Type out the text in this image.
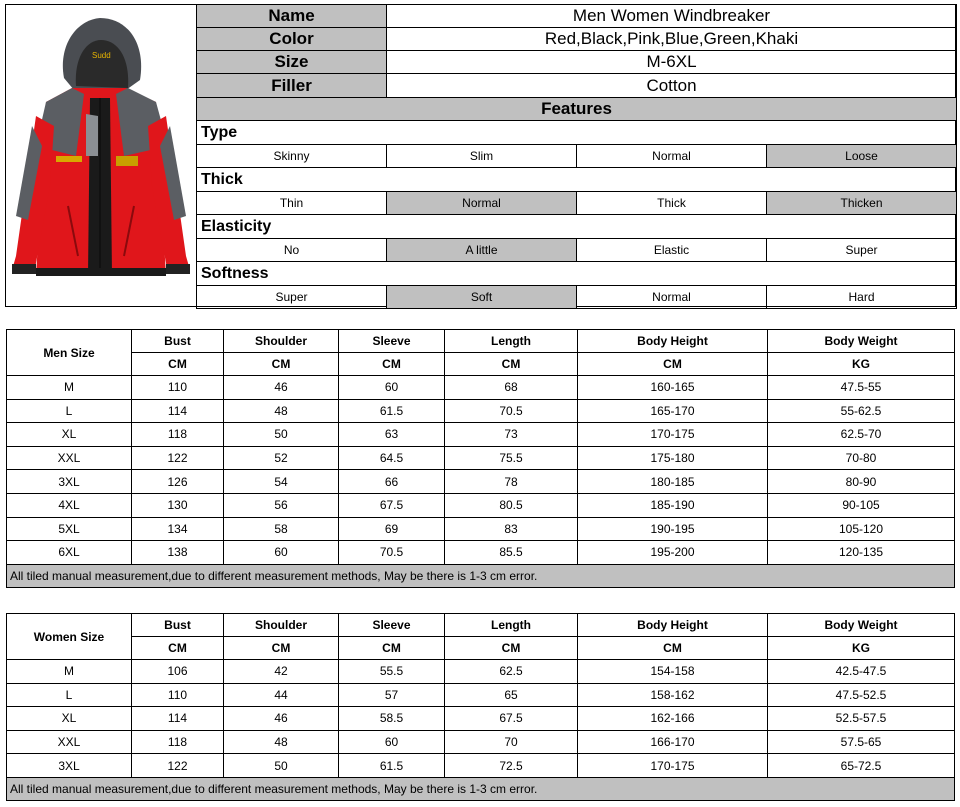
Sudd
Name	Men Women Windbreaker
Color	Red,Black,Pink,Blue,Green,Khaki
Size	M-6XL
Filler	Cotton
Features	
Type			
Skinny	Slim	Normal	Loose
Thick			
Thin	Normal	Thick	Thicken
Elasticity			
No	A little	Elastic	Super
Softness			
Super	Soft	Normal	Hard
Men Size	Bust	Shoulder	Sleeve	Length	Body Height	Body Weight
	CM	CM	CM	CM	CM	KG
M	110	46	60	68	160-165	47.5-55
L	114	48	61.5	70.5	165-170	55-62.5
XL	118	50	63	73	170-175	62.5-70
XXL	122	52	64.5	75.5	175-180	70-80
3XL	126	54	66	78	180-185	80-90
4XL	130	56	67.5	80.5	185-190	90-105
5XL	134	58	69	83	190-195	105-120
6XL	138	60	70.5	85.5	195-200	120-135
All tiled manual measurement,due to different measurement methods, May be there is 1-3 cm error.						
Women Size	Bust	Shoulder	Sleeve	Length	Body Height	Body Weight
	CM	CM	CM	CM	CM	KG
M	106	42	55.5	62.5	154-158	42.5-47.5
L	110	44	57	65	158-162	47.5-52.5
XL	114	46	58.5	67.5	162-166	52.5-57.5
XXL	118	48	60	70	166-170	57.5-65
3XL	122	50	61.5	72.5	170-175	65-72.5
All tiled manual measurement,due to different measurement methods, May be there is 1-3 cm error.						
